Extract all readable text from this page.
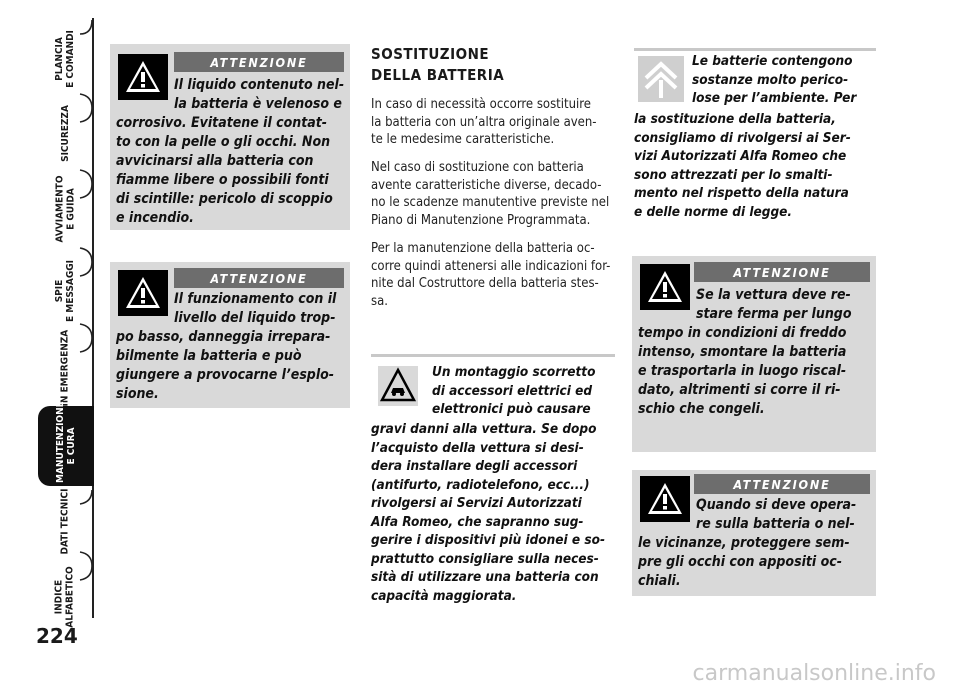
PLANCIA
E COMANDI
SICUREZZA
AVVIAMENTO
E GUIDA
SPIE
E MESSAGGI
IN EMERGENZA
MANUTENZIONE
E CURA
DATI TECNICI
INDICE
ALFABETICO
224
ATTENZIONE
Il liquido contenuto nel-
la batteria è velenoso e
corrosivo. Evitatene il contat-
to con la pelle o gli occhi. Non
avvicinarsi alla batteria con
fiamme libere o possibili fonti
di scintille: pericolo di scoppio
e incendio.
ATTENZIONE
Il funzionamento con il
livello del liquido trop-
po basso, danneggia irrepara-
bilmente la batteria e può
giungere a provocarne l’esplo-
sione.
SOSTITUZIONE
DELLA BATTERIA
In caso di necessità occorre sostituire
la batteria con un’altra originale aven-
te le medesime caratteristiche.
Nel caso di sostituzione con batteria
avente caratteristiche diverse, decado-
no le scadenze manutentive previste nel
Piano di Manutenzione Programmata.
Per la manutenzione della batteria oc-
corre quindi attenersi alle indicazioni for-
nite dal Costruttore della batteria stes-
sa.
Un montaggio scorretto
di accessori elettrici ed
elettronici può causare
gravi danni alla vettura. Se dopo
l’acquisto della vettura si desi-
dera installare degli accessori
(antifurto, radiotelefono, ecc...)
rivolgersi ai Servizi Autorizzati
Alfa Romeo, che sapranno sug-
gerire i dispositivi più idonei e so-
prattutto consigliare sulla neces-
sità di utilizzare una batteria con
capacità maggiorata.
Le batterie contengono
sostanze molto perico-
lose per l’ambiente. Per
la sostituzione della batteria,
consigliamo di rivolgersi ai Ser-
vizi Autorizzati Alfa Romeo che
sono attrezzati per lo smalti-
mento nel rispetto della natura
e delle norme di legge.
ATTENZIONE
Se la vettura deve re-
stare ferma per lungo
tempo in condizioni di freddo
intenso, smontare la batteria
e trasportarla in luogo riscal-
dato, altrimenti si corre il ri-
schio che congeli.
ATTENZIONE
Quando si deve opera-
re sulla batteria o nel-
le vicinanze, proteggere sem-
pre gli occhi con appositi oc-
chiali.
carmanualsonline.info
